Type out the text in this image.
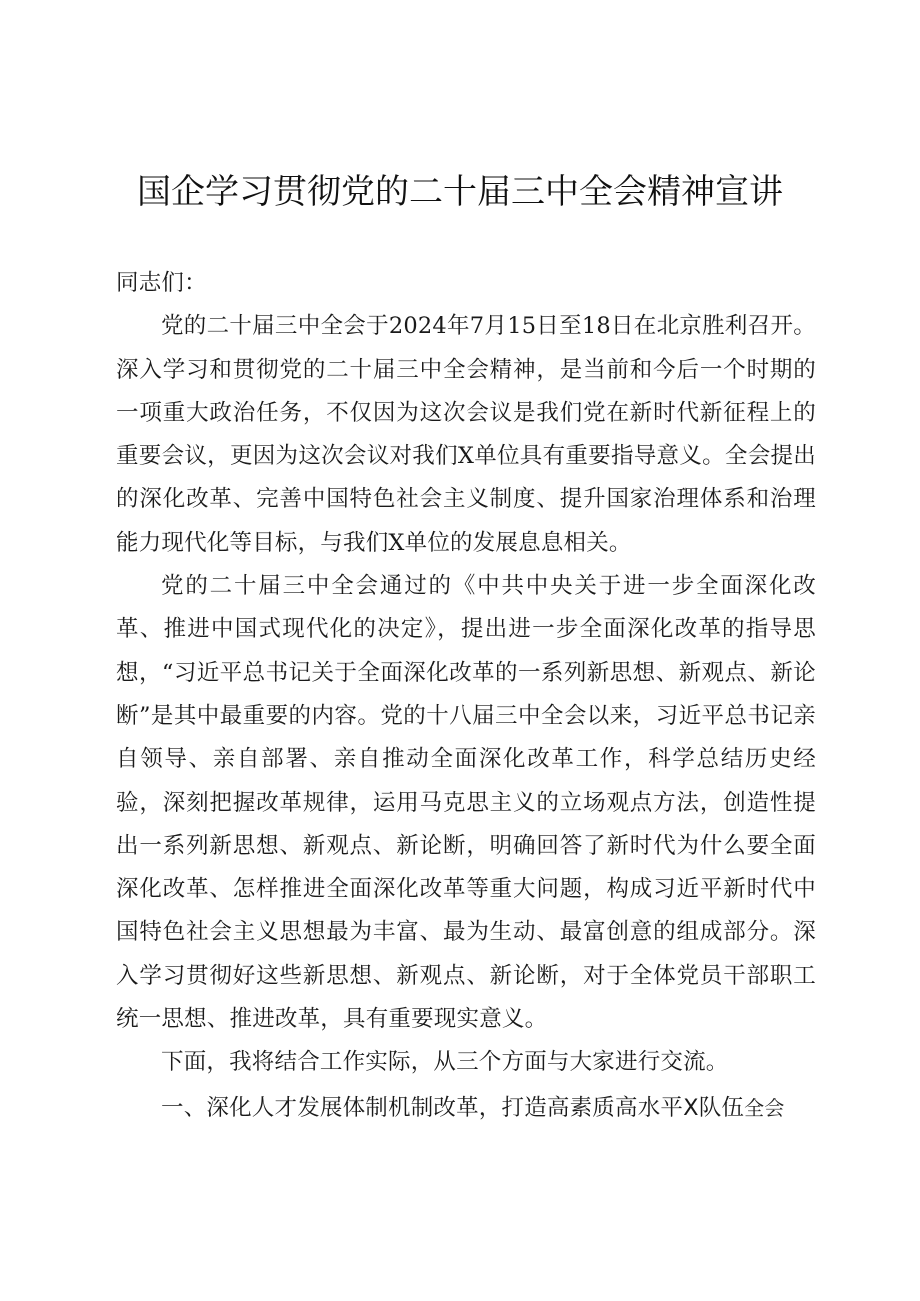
国企学习贯彻党的二十届三中全会精神宣讲

同志们：

党的二十届三中全会于2024年7月15日至18日在北京胜利召开。深入学习和贯彻党的二十届三中全会精神，是当前和今后一个时期的一项重大政治任务，不仅因为这次会议是我们党在新时代新征程上的重要会议，更因为这次会议对我们X单位具有重要指导意义。全会提出的深化改革、完善中国特色社会主义制度、提升国家治理体系和治理能力现代化等目标，与我们X单位的发展息息相关。

党的二十届三中全会通过的《中共中央关于进一步全面深化改革、推进中国式现代化的决定》，提出进一步全面深化改革的指导思想，“习近平总书记关于全面深化改革的一系列新思想、新观点、新论断”是其中最重要的内容。党的十八届三中全会以来，习近平总书记亲自领导、亲自部署、亲自推动全面深化改革工作，科学总结历史经验，深刻把握改革规律，运用马克思主义的立场观点方法，创造性提出一系列新思想、新观点、新论断，明确回答了新时代为什么要全面深化改革、怎样推进全面深化改革等重大问题，构成习近平新时代中国特色社会主义思想最为丰富、最为生动、最富创意的组成部分。深入学习贯彻好这些新思想、新观点、新论断，对于全体党员干部职工统一思想、推进改革，具有重要现实意义。

下面，我将结合工作实际，从三个方面与大家进行交流。

一、深化人才发展体制机制改革，打造高素质高水平X队伍全会
